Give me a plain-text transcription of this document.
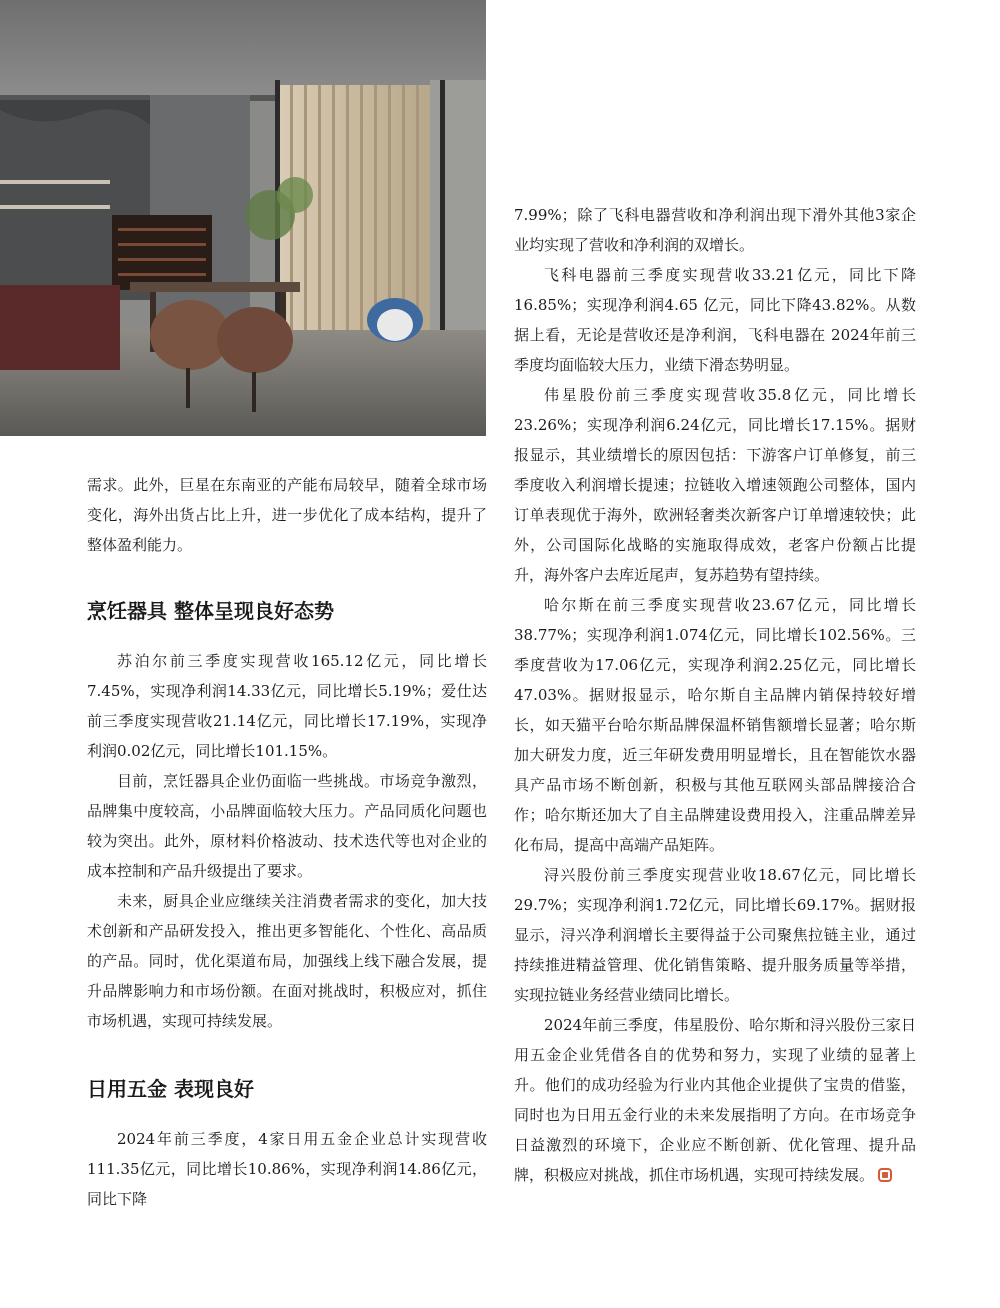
需求。此外，巨星在东南亚的产能布局较早，随着全球市场变化，海外出货占比上升，进一步优化了成本结构，提升了整体盈利能力。

烹饪器具 整体呈现良好态势

苏泊尔前三季度实现营收165.12亿元，同比增长7.45%，实现净利润14.33亿元，同比增长5.19%；爱仕达前三季度实现营收21.14亿元，同比增长17.19%，实现净利润0.02亿元，同比增长101.15%。

目前，烹饪器具企业仍面临一些挑战。市场竞争激烈，品牌集中度较高，小品牌面临较大压力。产品同质化问题也较为突出。此外，原材料价格波动、技术迭代等也对企业的成本控制和产品升级提出了要求。

未来，厨具企业应继续关注消费者需求的变化，加大技术创新和产品研发投入，推出更多智能化、个性化、高品质的产品。同时，优化渠道布局，加强线上线下融合发展，提升品牌影响力和市场份额。在面对挑战时，积极应对，抓住市场机遇，实现可持续发展。

日用五金 表现良好

2024年前三季度，4家日用五金企业总计实现营收111.35亿元，同比增长10.86%，实现净利润14.86亿元，同比下降

7.99%；除了飞科电器营收和净利润出现下滑外其他3家企业均实现了营收和净利润的双增长。

飞科电器前三季度实现营收33.21亿元，同比下降16.85%；实现净利润4.65 亿元，同比下降43.82%。从数据上看，无论是营收还是净利润，飞科电器在 2024年前三季度均面临较大压力，业绩下滑态势明显。

伟星股份前三季度实现营收35.8亿元，同比增长23.26%；实现净利润6.24亿元，同比增长17.15%。据财报显示，其业绩增长的原因包括：下游客户订单修复，前三季度收入利润增长提速；拉链收入增速领跑公司整体，国内订单表现优于海外，欧洲轻奢类次新客户订单增速较快；此外，公司国际化战略的实施取得成效，老客户份额占比提升，海外客户去库近尾声，复苏趋势有望持续。

哈尔斯在前三季度实现营收23.67亿元，同比增长38.77%；实现净利润1.074亿元，同比增长102.56%。三季度营收为17.06亿元，实现净利润2.25亿元，同比增长47.03%。据财报显示，哈尔斯自主品牌内销保持较好增长，如天猫平台哈尔斯品牌保温杯销售额增长显著；哈尔斯加大研发力度，近三年研发费用明显增长，且在智能饮水器具产品市场不断创新，积极与其他互联网头部品牌接洽合作；哈尔斯还加大了自主品牌建设费用投入，注重品牌差异化布局，提高中高端产品矩阵。

浔兴股份前三季度实现营业收18.67亿元，同比增长29.7%；实现净利润1.72亿元，同比增长69.17%。据财报显示，浔兴净利润增长主要得益于公司聚焦拉链主业，通过持续推进精益管理、优化销售策略、提升服务质量等举措，实现拉链业务经营业绩同比增长。

2024年前三季度，伟星股份、哈尔斯和浔兴股份三家日用五金企业凭借各自的优势和努力，实现了业绩的显著上升。他们的成功经验为行业内其他企业提供了宝贵的借鉴，同时也为日用五金行业的未来发展指明了方向。在市场竞争日益激烈的环境下，企业应不断创新、优化管理、提升品牌，积极应对挑战，抓住市场机遇，实现可持续发展。
